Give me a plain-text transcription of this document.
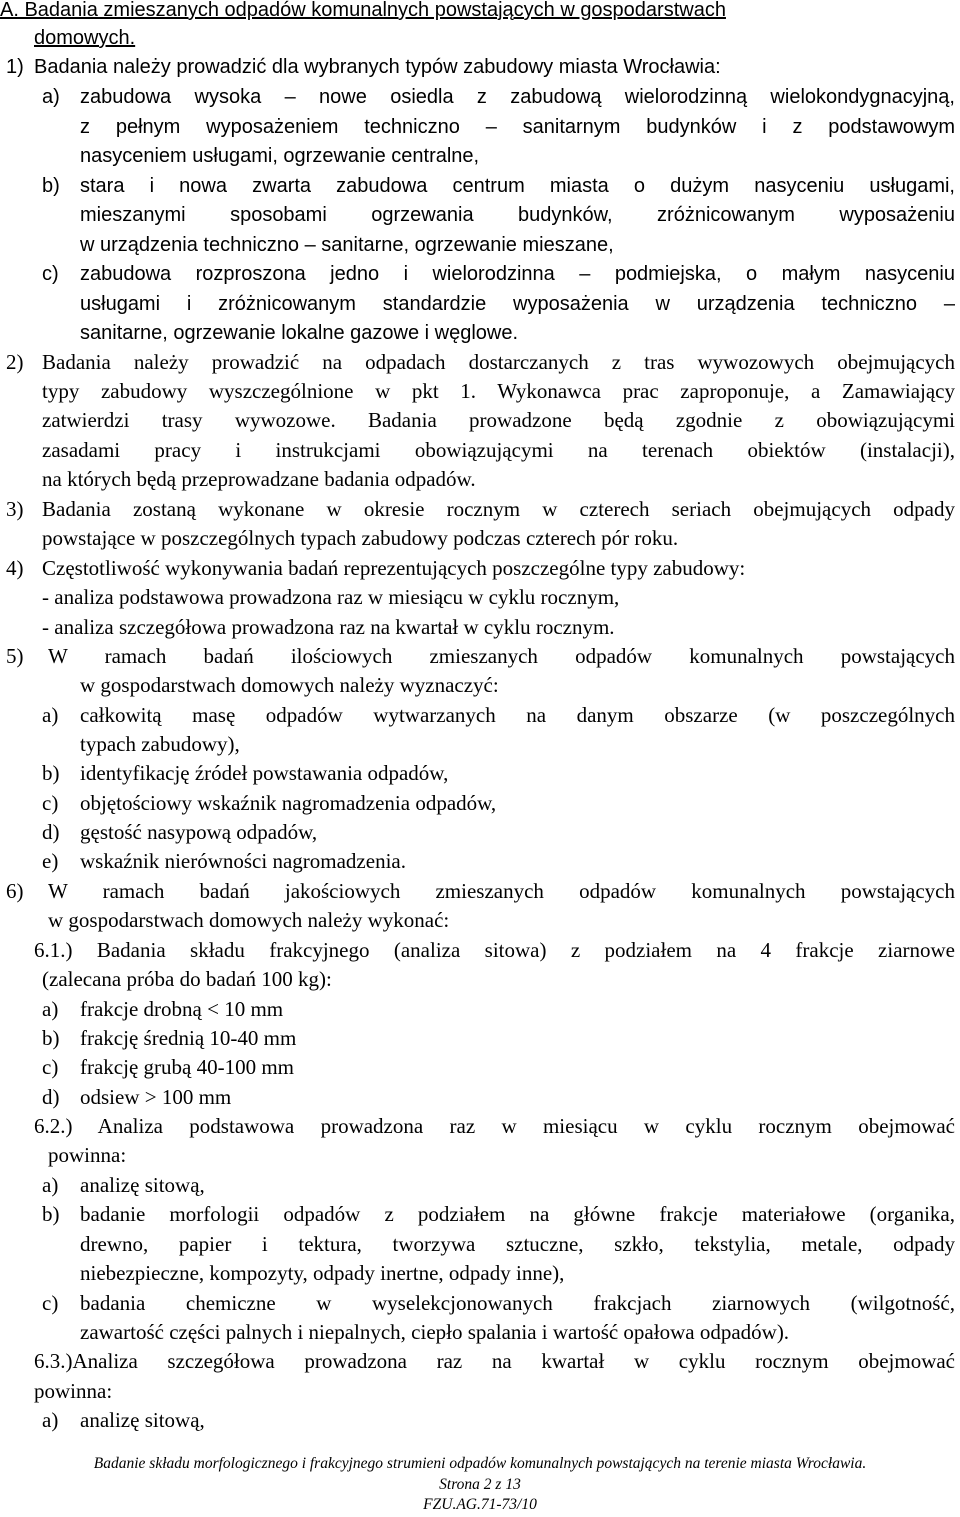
A. Badania zmieszanych odpadów komunalnych powstających w gospodarstwach
domowych.
1) Badania należy prowadzić dla wybranych typów zabudowy miasta Wrocławia:
a) zabudowa wysoka – nowe osiedla z zabudową wielorodzinną wielokondygnacyjną,
z pełnym wyposażeniem techniczno – sanitarnym budynków i z podstawowym
nasyceniem usługami, ogrzewanie centralne,
b) stara i nowa zwarta zabudowa centrum miasta o dużym nasyceniu usługami,
mieszanymi sposobami ogrzewania budynków, zróżnicowanym wyposażeniu
w urządzenia techniczno – sanitarne, ogrzewanie mieszane,
c) zabudowa rozproszona jedno i wielorodzinna – podmiejska, o małym nasyceniu
usługami i zróżnicowanym standardzie wyposażenia w urządzenia techniczno –
sanitarne, ogrzewanie lokalne gazowe i węglowe.
2) Badania należy prowadzić na odpadach dostarczanych z tras wywozowych obejmujących
typy zabudowy wyszczególnione w pkt 1. Wykonawca prac zaproponuje, a Zamawiający
zatwierdzi trasy wywozowe. Badania prowadzone będą zgodnie z obowiązującymi
zasadami pracy i instrukcjami obowiązującymi na terenach obiektów (instalacji),
na których będą przeprowadzane badania odpadów.
3) Badania zostaną wykonane w okresie rocznym w czterech seriach obejmujących odpady
powstające w poszczególnych typach zabudowy podczas czterech pór roku.
4) Częstotliwość wykonywania badań reprezentujących poszczególne typy zabudowy:
- analiza podstawowa prowadzona raz w miesiącu w cyklu rocznym,
- analiza szczegółowa prowadzona raz na kwartał w cyklu rocznym.
5) W ramach badań ilościowych zmieszanych odpadów komunalnych powstających
w gospodarstwach domowych należy wyznaczyć:
a) całkowitą masę odpadów wytwarzanych na danym obszarze (w poszczególnych
typach zabudowy),
b) identyfikację źródeł powstawania odpadów,
c) objętościowy wskaźnik nagromadzenia odpadów,
d) gęstość nasypową odpadów,
e) wskaźnik nierówności nagromadzenia.
6) W ramach badań jakościowych zmieszanych odpadów komunalnych powstających
w gospodarstwach domowych należy wykonać:
6.1.) Badania składu frakcyjnego (analiza sitowa) z podziałem na 4 frakcje ziarnowe
(zalecana próba do badań 100 kg):
a) frakcje drobną < 10 mm
b) frakcję średnią 10-40 mm
c) frakcję grubą 40-100 mm
d) odsiew > 100 mm
6.2.) Analiza podstawowa prowadzona raz w miesiącu w cyklu rocznym obejmować
powinna:
a) analizę sitową,
b) badanie morfologii odpadów z podziałem na główne frakcje materiałowe (organika,
drewno, papier i tektura, tworzywa sztuczne, szkło, tekstylia, metale, odpady
niebezpieczne, kompozyty, odpady inertne, odpady inne),
c) badania chemiczne w wyselekcjonowanych frakcjach ziarnowych (wilgotność,
zawartość części palnych i niepalnych, ciepło spalania i wartość opałowa odpadów).
6.3.)Analiza szczegółowa prowadzona raz na kwartał w cyklu rocznym obejmować
powinna:
a) analizę sitową,
Badanie składu morfologicznego i frakcyjnego strumieni odpadów komunalnych powstających na terenie miasta Wrocławia.
Strona 2 z 13
FZU.AG.71-73/10
